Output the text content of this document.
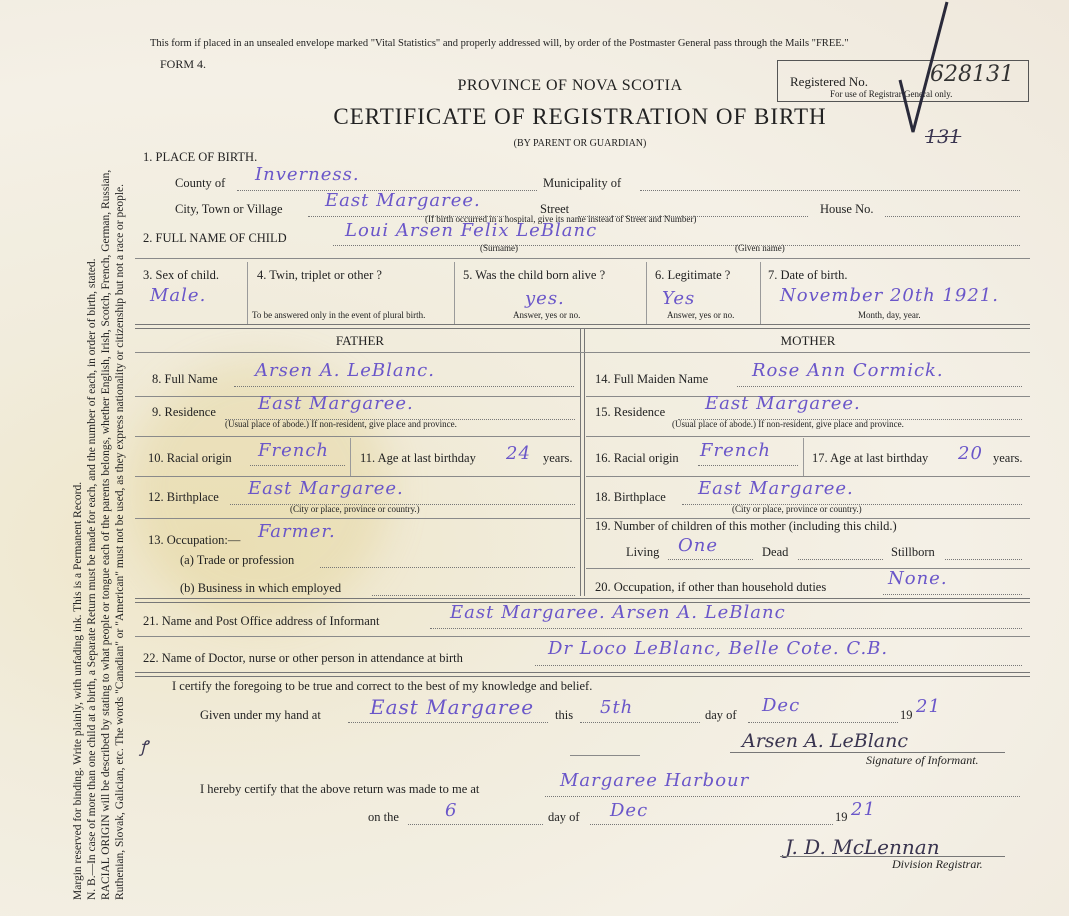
Margin reserved for binding. Write plainly, with unfading ink. This is a Permanent Record. N. B.—In case of more than one child at a birth, a Separate Return must be made for each, and the number of each, in order of birth, stated. RACIAL ORIGIN will be described by stating to what people or tongue each of the parents belongs, whether English, Irish, Scotch, French, German, Russian, Ruthenian, Slovak, Galician, etc. The words "Canadian" or "American" must not be used, as they express nationality or citizenship but not a race or people.
This form if placed in an unsealed envelope marked "Vital Statistics" and properly addressed will, by order of the Postmaster General pass through the Mails "FREE."
FORM 4.
PROVINCE OF NOVA SCOTIA
CERTIFICATE OF REGISTRATION OF BIRTH
(BY PARENT OR GUARDIAN)
Registered No.	628131
For use of Registrar General only.
131
1. PLACE OF BIRTH.
County of Inverness.	Municipality of
City, Town or Village East Margaree.	Street
(If birth occurred in a hospital, give its name instead of Street and Number)
House No.
2. FULL NAME OF CHILD	Loui Arsen Felix LeBlanc
(Surname)	(Given name)
3. Sex of child.
Male.
4. Twin, triplet or other ?
To be answered only in the event of plural birth.
5. Was the child born alive ?
yes.
Answer, yes or no.
6. Legitimate ?
Yes
Answer, yes or no.
7. Date of birth.
November 20th 1921.
Month, day, year.
FATHER	MOTHER
8. Full Name Arsen A. LeBlanc.
9. Residence East Margaree.
(Usual place of abode.) If non-resident, give place and province.
10. Racial origin French 11. Age at last birthday 24 years.
12. Birthplace East Margaree.
(City or place, province or country.)
13. Occupation:— Farmer.
(a) Trade or profession
(b) Business in which employed
14. Full Maiden Name Rose Ann Cormick.
15. Residence East Margaree.
(Usual place of abode.) If non-resident, give place and province.
16. Racial origin French	17. Age at last birthday 20 years.
18. Birthplace East Margaree.
(City or place, province or country.)
19. Number of children of this mother (including this child.)
Living One	Dead	Stillborn
20. Occupation, if other than household duties	None.
21. Name and Post Office address of Informant	East Margaree. Arsen A. LeBlanc
22. Name of Doctor, nurse or other person in attendance at birth	Dr Loco LeBlanc, Belle Cote. C.B.
I certify the foregoing to be true and correct to the best of my knowledge and belief.
Given under my hand at East Margaree this 5th	day of Dec	19 21
ꝭ	Arsen A. LeBlanc
Signature of Informant.
I hereby certify that the above return was made to me at	Margaree Harbour
on the	6	day of Dec	19 21
J. D. McLennan
Division Registrar.
